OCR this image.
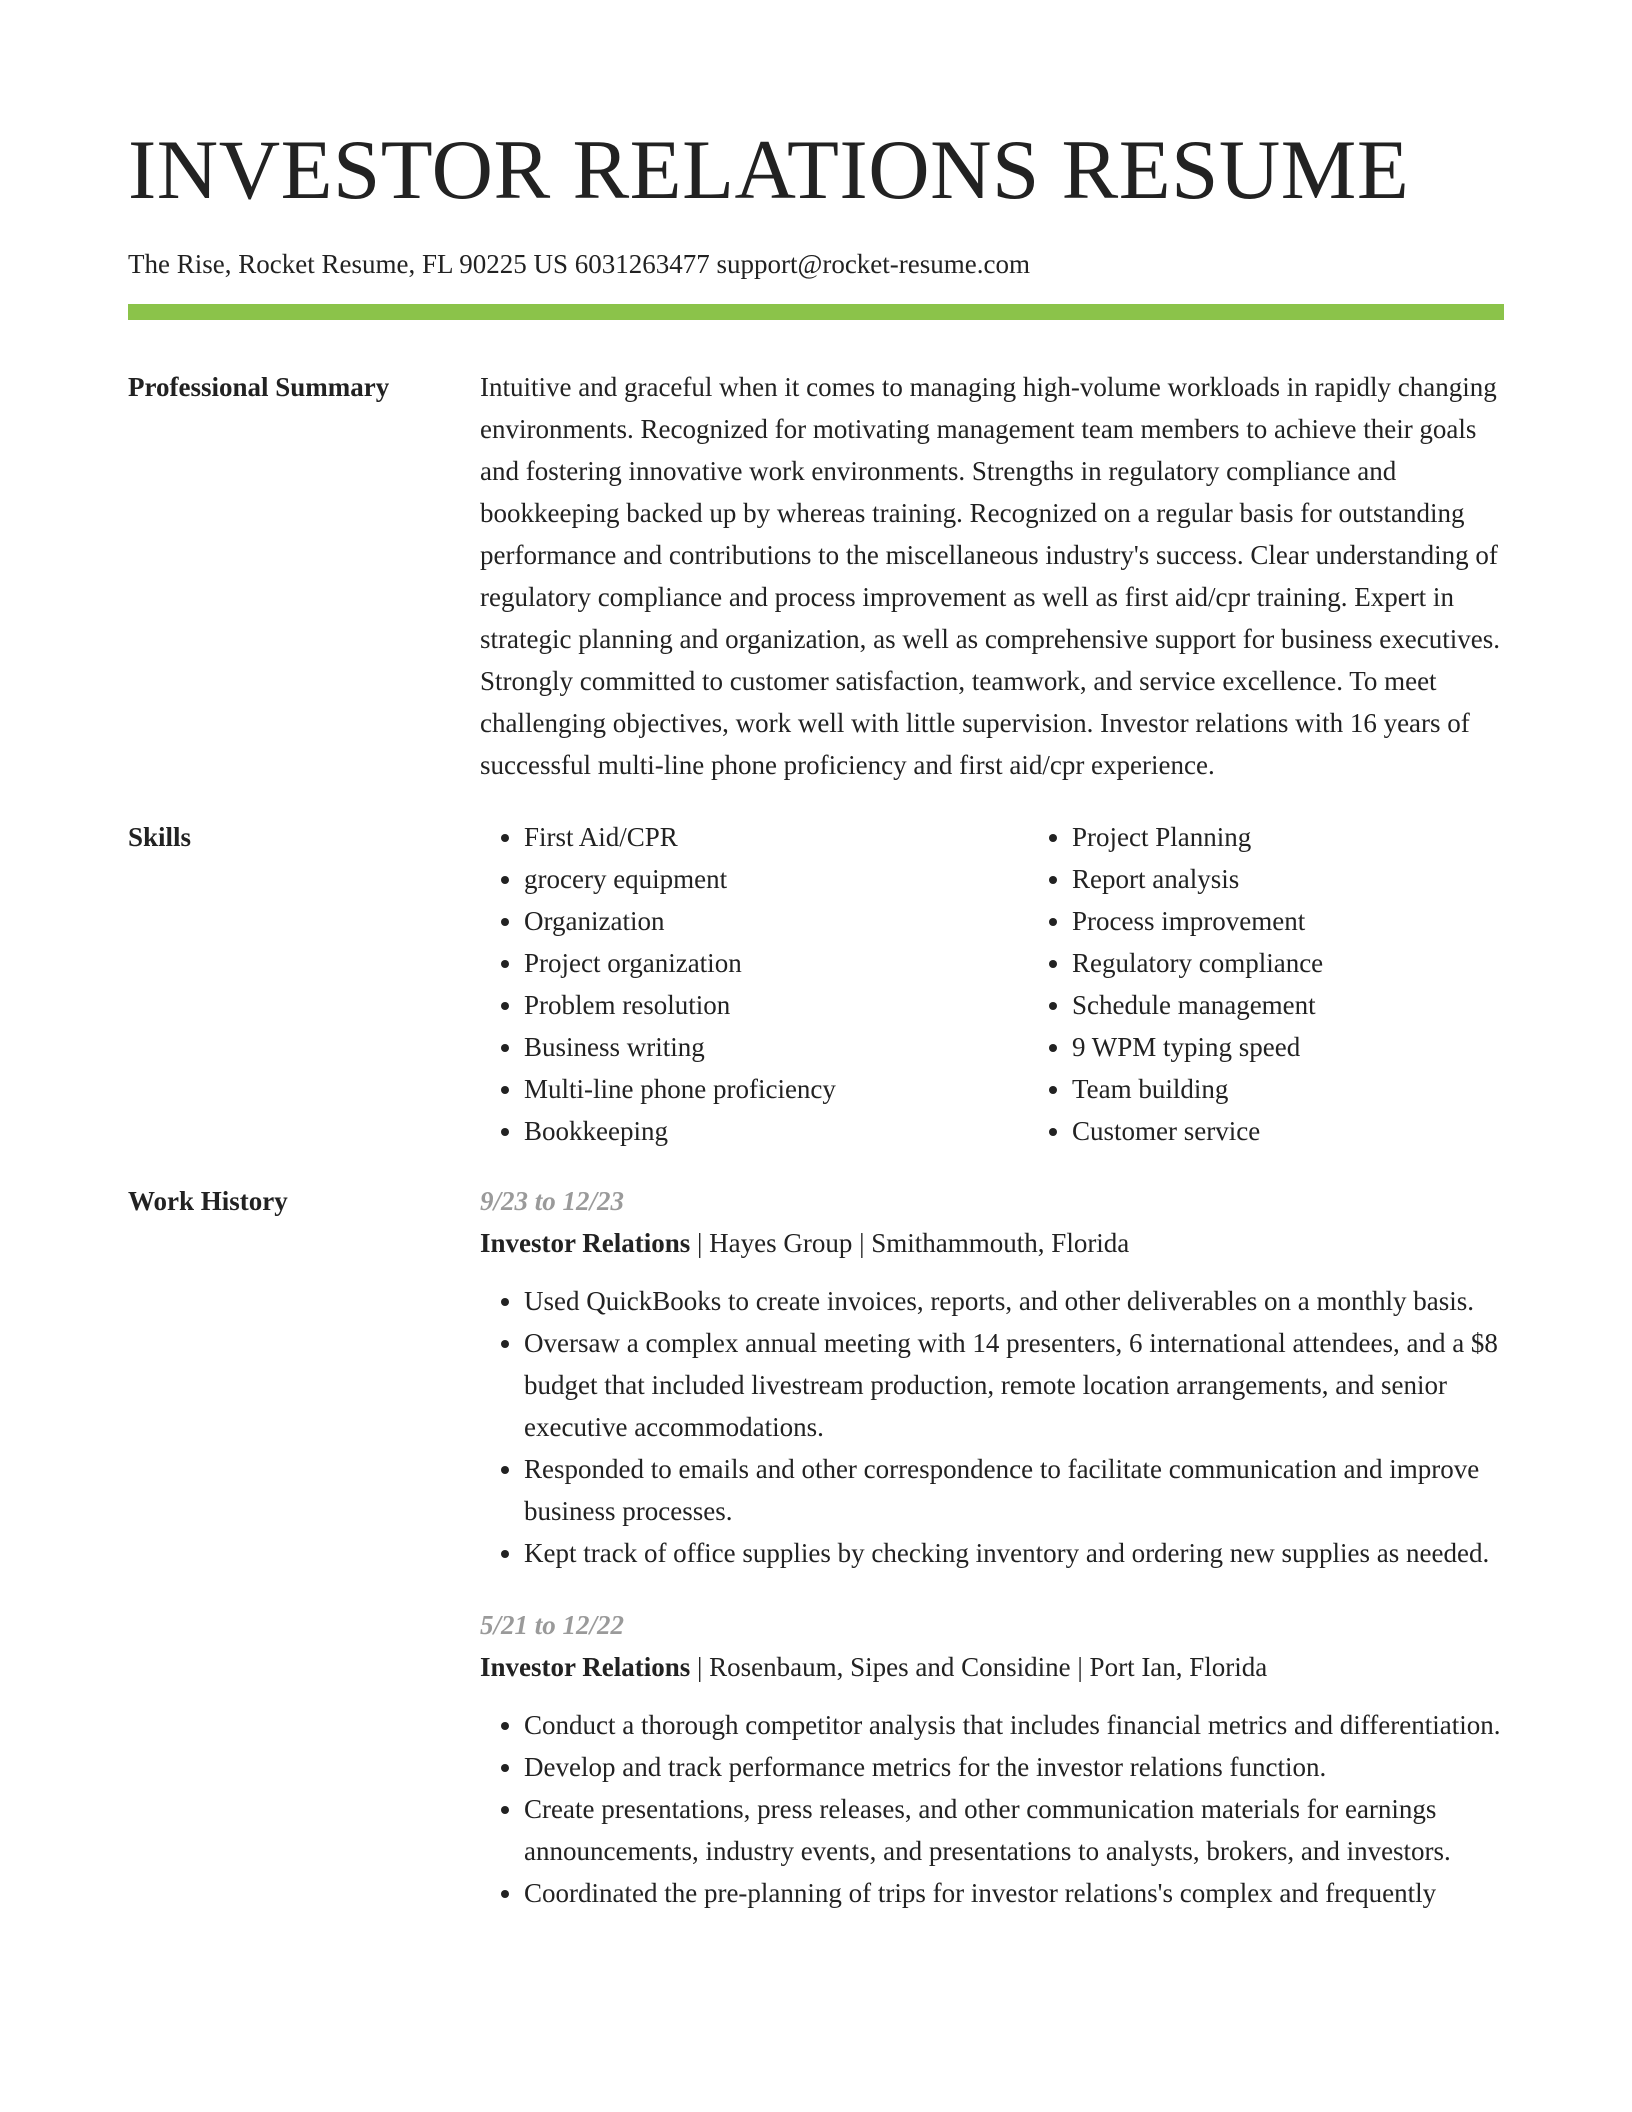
INVESTOR RELATIONS RESUME
The Rise, Rocket Resume, FL 90225 US 6031263477 support@rocket-resume.com
Professional Summary	Intuitive and graceful when it comes to managing high-volume workloads in rapidly changing environments. Recognized for motivating management team members to achieve their goals and fostering innovative work environments. Strengths in regulatory compliance and bookkeeping backed up by whereas training. Recognized on a regular basis for outstanding performance and contributions to the miscellaneous industry's success. Clear understanding of regulatory compliance and process improvement as well as first aid/cpr training. Expert in strategic planning and organization, as well as comprehensive support for business executives. Strongly committed to customer satisfaction, teamwork, and service excellence. To meet challenging objectives, work well with little supervision. Investor relations with 16 years of successful multi-line phone proficiency and first aid/cpr experience.

Skills
•	First Aid/CPR
• grocery equipment
• Organization
• Project organization
• Problem resolution
• Business writing
• Multi-line phone proficiency
• Bookkeeping
• Project Planning
• Report analysis
• Process improvement
• Regulatory compliance
• Schedule management
• 9 WPM typing speed
• Team building
• Customer service
Work History	9/23 to 12/23
Investor Relations | Hayes Group | Smithammouth, Florida
• Used QuickBooks to create invoices, reports, and other deliverables on a monthly basis.
• Oversaw a complex annual meeting with 14 presenters, 6 international attendees, and a $8 budget that included livestream production, remote location arrangements, and senior executive accommodations.
• Responded to emails and other correspondence to facilitate communication and improve business processes.
• Kept track of office supplies by checking inventory and ordering new supplies as needed.
5/21 to 12/22
Investor Relations | Rosenbaum, Sipes and Considine | Port Ian, Florida
• Conduct a thorough competitor analysis that includes financial metrics and differentiation.
• Develop and track performance metrics for the investor relations function.
• Create presentations, press releases, and other communication materials for earnings announcements, industry events, and presentations to analysts, brokers, and investors.
• Coordinated the pre-planning of trips for investor relations's complex and frequently
